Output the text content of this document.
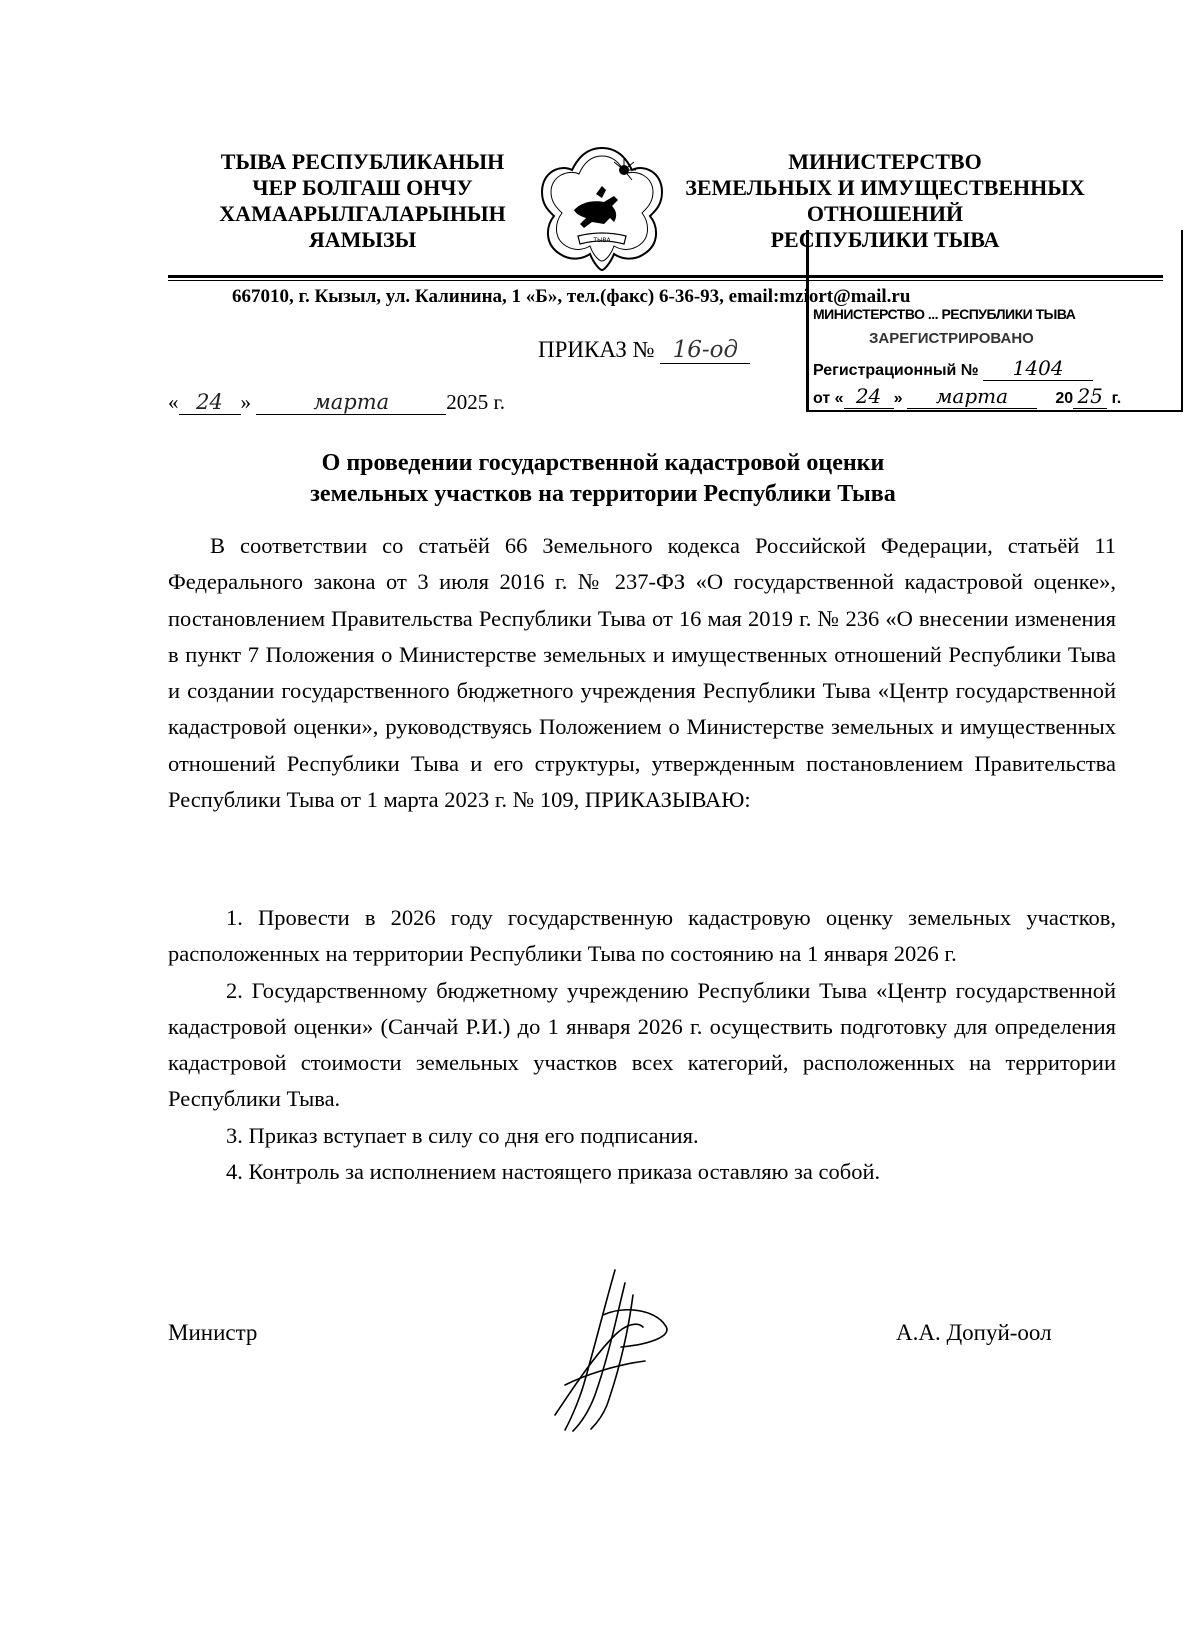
ТЫВА РЕСПУБЛИКАНЫН
ЧЕР БОЛГАШ ОНЧУ
ХАМААРЫЛГАЛАРЫНЫН
ЯАМЫЗЫ	ТЫВА
МИНИСТЕРСТВО
ЗЕМЕЛЬНЫХ И ИМУЩЕСТВЕННЫХ
ОТНОШЕНИЙ
РЕСПУБЛИКИ ТЫВА
667010, г. Кызыл, ул. Калинина, 1 «Б», тел.(факс) 6-36-93, email:mziort@mail.ru
МИНИСТЕРСТВО ... РЕСПУБЛИКИ ТЫВА
ЗАРЕГИСТРИРОВАНО
Регистрационный № 1404
от « 24 » марта	20 25 г.
ПРИКАЗ № 16-од
« 24 »	марта	2025 г.
О проведении государственной кадастровой оценки
земельных участков на территории Республики Тыва
В соответствии со статьёй 66 Земельного кодекса Российской Федерации, статьёй 11 Федерального закона от 3 июля 2016 г. № 237-ФЗ «О государственной кадастровой оценке», постановлением Правительства Республики Тыва от 16 мая 2019 г. № 236 «О внесении изменения в пункт 7 Положения о Министерстве земельных и имущественных отношений Республики Тыва и создании государственного бюджетного учреждения Республики Тыва «Центр государственной кадастровой оценки», руководствуясь Положением о Министерстве земельных и имущественных отношений Республики Тыва и его структуры, утвержденным постановлением Правительства Республики Тыва от 1 марта 2023 г. № 109, ПРИКАЗЫВАЮ:
1. Провести в 2026 году государственную кадастровую оценку земельных участков, расположенных на территории Республики Тыва по состоянию на 1 января 2026 г.
2. Государственному бюджетному учреждению Республики Тыва «Центр государственной кадастровой оценки» (Санчай Р.И.) до 1 января 2026 г. осуществить подготовку для определения кадастровой стоимости земельных участков всех категорий, расположенных на территории Республики Тыва.
3. Приказ вступает в силу со дня его подписания.
4. Контроль за исполнением настоящего приказа оставляю за собой.
Министр	А.А. Допуй-оол
